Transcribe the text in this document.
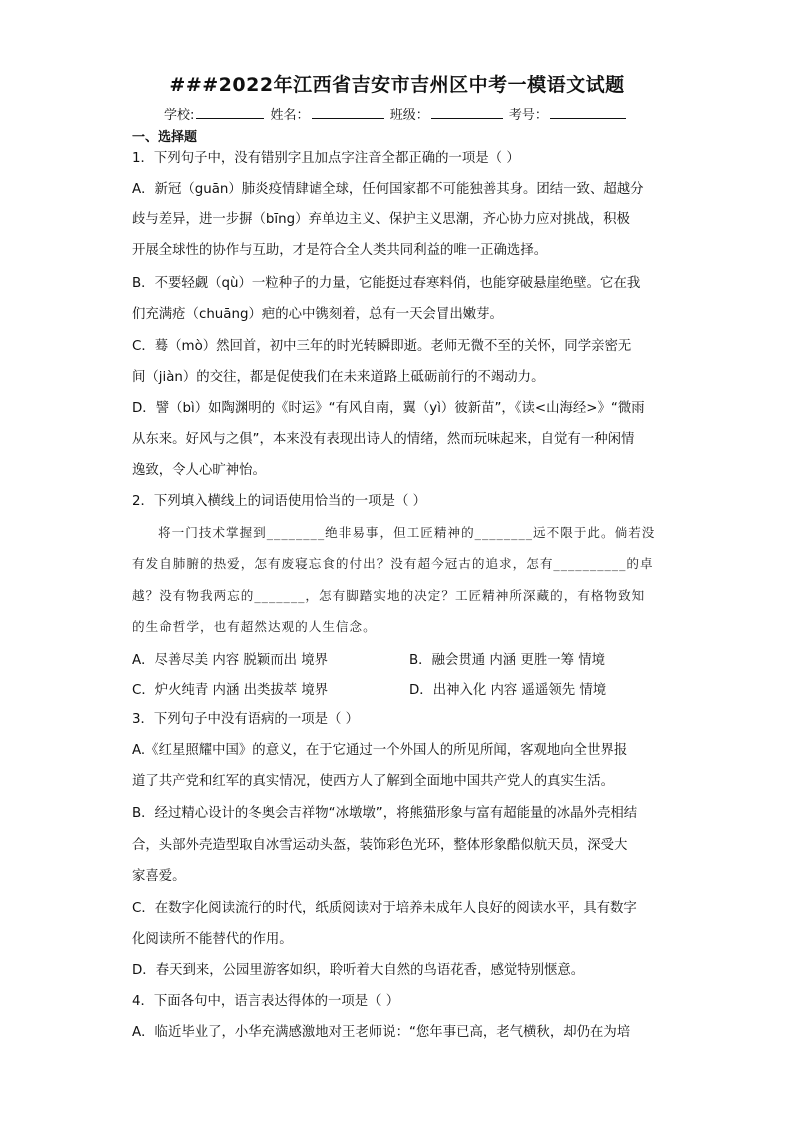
###2022年江西省吉安市吉州区中考一模语文试题
学校:	姓名：	班级：	考号：
一、选择题
1．下列句子中，没有错别字且加点字注音全都正确的一项是（ ）
A．新冠（guān）肺炎疫情肆谑全球，任何国家都不可能独善其身。团结一致、超越分
歧与差异，进一步摒（bīng）弃单边主义、保护主义思潮，齐心协力应对挑战，积极
开展全球性的协作与互助，才是符合全人类共同利益的唯一正确选择。
B．不要轻觑（qù）一粒种子的力量，它能挺过春寒料俏，也能穿破悬崖绝壁。它在我
们充满疮（chuāng）疤的心中镌刻着，总有一天会冒出嫩芽。
C．蓦（mò）然回首，初中三年的时光转瞬即逝。老师无微不至的关怀，同学亲密无
间（jiàn）的交往，都是促使我们在未来道路上砥砺前行的不竭动力。
D．譬（bì）如陶渊明的《时运》“有风自南，翼（yì）彼新苗”，《读<山海经>》“微雨
从东来。好风与之俱”，本来没有表现出诗人的情绪，然而玩味起来，自觉有一种闲情
逸致，令人心旷神怡。
2．下列填入横线上的词语使用恰当的一项是（ ）
将一门技术掌握到________绝非易事，但工匠精神的________远不限于此。倘若没
有发自肺腑的热爱，怎有废寝忘食的付出？没有超今冠古的追求，怎有__________的卓
越？没有物我两忘的_______，怎有脚踏实地的决定？工匠精神所深藏的，有格物致知
的生命哲学，也有超然达观的人生信念。
A．尽善尽美 内容 脱颖而出 境界	B．融会贯通 内涵 更胜一筹 情境
C．炉火纯青 内涵 出类拔萃 境界	D．出神入化 内容 遥遥领先 情境
3．下列句子中没有语病的一项是（ ）
A.《红星照耀中国》的意义，在于它通过一个外国人的所见所闻，客观地向全世界报
道了共产党和红军的真实情况，使西方人了解到全面地中国共产党人的真实生活。
B．经过精心设计的冬奥会吉祥物“冰墩墩”，将熊猫形象与富有超能量的冰晶外壳相结
合，头部外壳造型取自冰雪运动头盔，装饰彩色光环，整体形象酷似航天员，深受大
家喜爱。
C．在数字化阅读流行的时代，纸质阅读对于培养未成年人良好的阅读水平，具有数字
化阅读所不能替代的作用。
D．春天到来，公园里游客如织，聆听着大自然的鸟语花香，感觉特别惬意。
4．下面各句中，语言表达得体的一项是（ ）
A．临近毕业了，小华充满感激地对王老师说：“您年事已高，老气横秋，却仍在为培
